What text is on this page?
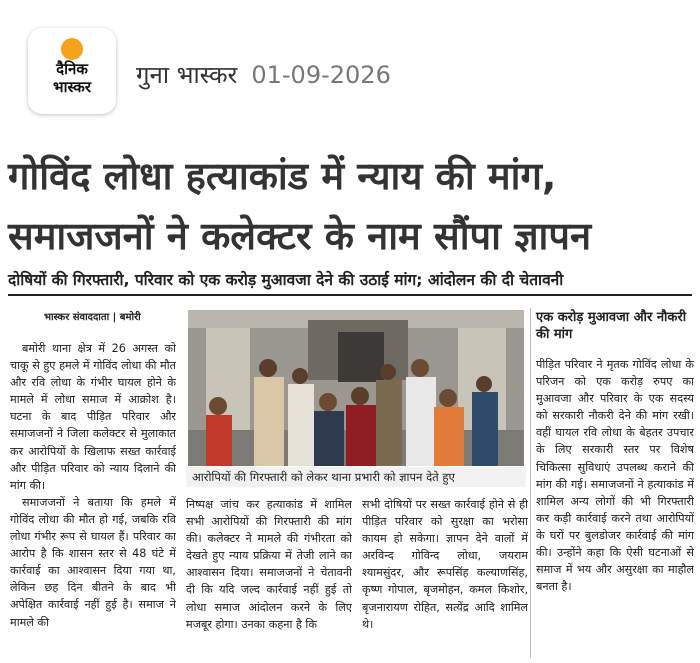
दैनिक
भास्कर	गुना भास्कर 01-09-2026
गोविंद लोधा हत्याकांड में न्याय की मांग,
समाजजनों ने कलेक्टर के नाम सौंपा ज्ञापन
दोषियों की गिरफ्तारी, परिवार को एक करोड़ मुआवजा देने की उठाई मांग; आंदोलन की दी चेतावनी
भास्कर संवाददाता | बमोरी

बमोरी थाना क्षेत्र में 26 अगस्त को चाकू से हुए हमले में गोविंद लोधा की मौत और रवि लोधा के गंभीर घायल होने के मामले में लोधा समाज में आक्रोश है। घटना के बाद पीड़ित परिवार और समाजजनों ने जिला कलेक्टर से मुलाकात कर आरोपियों के खिलाफ सख्त कार्रवाई और पीड़ित परिवार को न्याय दिलाने की मांग की।

समाजजनों ने बताया कि हमले में गोविंद लोधा की मौत हो गई, जबकि रवि लोधा गंभीर रूप से घायल हैं। परिवार का आरोप है कि शासन स्तर से 48 घंटे में कार्रवाई का आश्वासन दिया गया था, लेकिन छह दिन बीतने के बाद भी अपेक्षित कार्रवाई नहीं हुई है। समाज ने मामले की

आरोपियों की गिरफ्तारी को लेकर थाना प्रभारी को ज्ञापन देते हुए

निष्पक्ष जांच कर हत्याकांड में शामिल सभी आरोपियों की गिरफ्तारी की मांग की। कलेक्टर ने मामले की गंभीरता को देखते हुए न्याय प्रक्रिया में तेजी लाने का आश्वासन दिया। समाजजनों ने चेतावनी दी कि यदि जल्द कार्रवाई नहीं हुई तो लोधा समाज आंदोलन करने के लिए मजबूर होगा। उनका कहना है कि

सभी दोषियों पर सख्त कार्रवाई होने से ही पीड़ित परिवार को सुरक्षा का भरोसा कायम हो सकेगा। ज्ञापन देने वालों में अरविन्द गोविन्द लोधा, जयराम श्यामसुंदर, और रूपसिंह कल्याणसिंह, कृष्ण गोपाल, बृजमोहन, कमल किशोर, बृजनारायण रोहित, सत्येंद्र आदि शामिल थे।

एक करोड़ मुआवजा और नौकरी की मांग

पीड़ित परिवार ने मृतक गोविंद लोधा के परिजन को एक करोड़ रुपए का मुआवजा और परिवार के एक सदस्य को सरकारी नौकरी देने की मांग रखी। वहीं घायल रवि लोधा के बेहतर उपचार के लिए सरकारी स्तर पर विशेष चिकित्सा सुविधाएं उपलब्ध कराने की मांग की गई। समाजजनों ने हत्याकांड में शामिल अन्य लोगों की भी गिरफ्तारी कर कड़ी कार्रवाई करने तथा आरोपियों के घरों पर बुलडोजर कार्रवाई की मांग की। उन्होंने कहा कि ऐसी घटनाओं से समाज में भय और असुरक्षा का माहौल बनता है।
